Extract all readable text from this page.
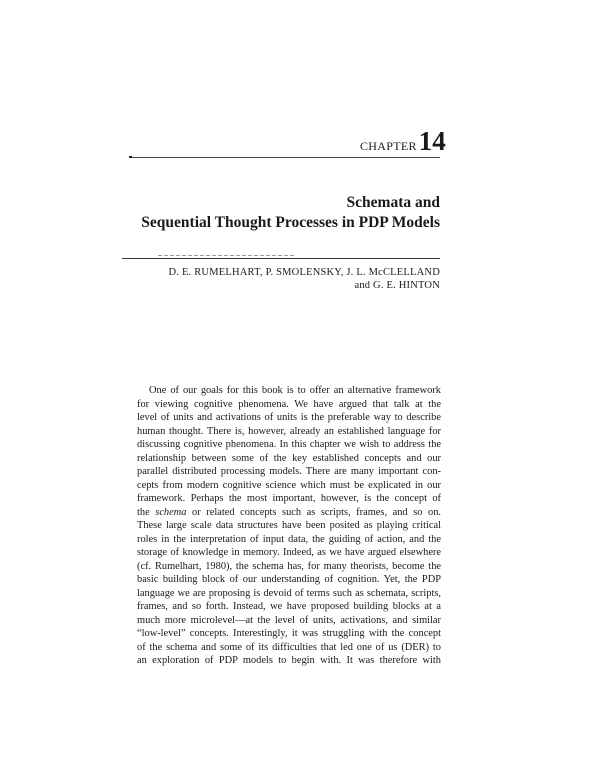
CHAPTER14
Schemata and
Sequential Thought Processes in PDP Models
D. E. RUMELHART, P. SMOLENSKY, J. L. McCLELLAND
and G. E. HINTON
One of our goals for this book is to offer an alternative framework
for viewing cognitive phenomena. We have argued that talk at the
level of units and activations of units is the preferable way to describe
human thought. There is, however, already an established language for
discussing cognitive phenomena. In this chapter we wish to address the
relationship between some of the key established concepts and our
parallel distributed processing models. There are many important con-
cepts from modern cognitive science which must be explicated in our
framework. Perhaps the most important, however, is the concept of
the schema or related concepts such as scripts, frames, and so on.
These large scale data structures have been posited as playing critical
roles in the interpretation of input data, the guiding of action, and the
storage of knowledge in memory. Indeed, as we have argued elsewhere
(cf. Rumelhart, 1980), the schema has, for many theorists, become the
basic building block of our understanding of cognition. Yet, the PDP
language we are proposing is devoid of terms such as schemata, scripts,
frames, and so forth. Instead, we have proposed building blocks at a
much more microlevel—at the level of units, activations, and similar
“low-level” concepts. Interestingly, it was struggling with the concept
of the schema and some of its difficulties that led one of us (DER) to
an exploration of PDP models to begin with. It was therefore with
